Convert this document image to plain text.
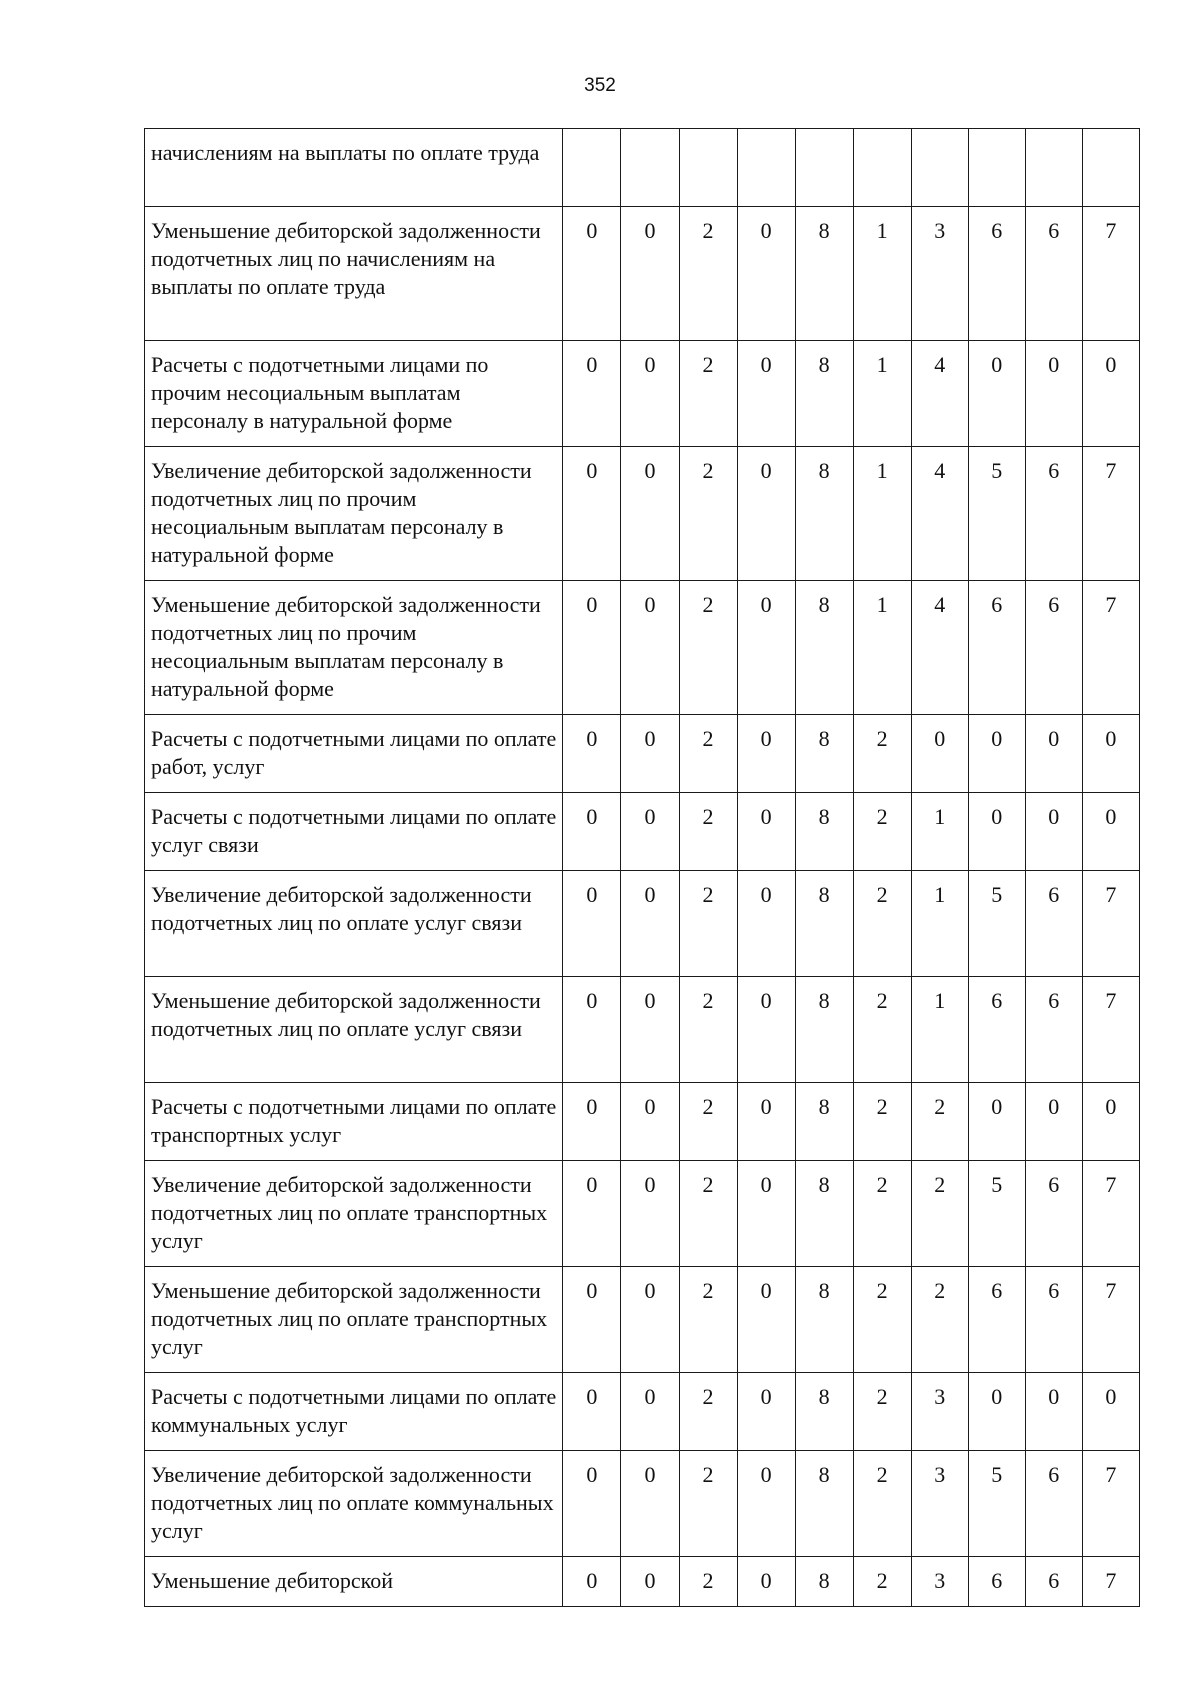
352
начислениям на выплаты по оплате труда										
Уменьшение дебиторской задолженности подотчетных лиц по начислениям на выплаты по оплате труда	0	0	2	0	8	1	3	6	6	7
Расчеты с подотчетными лицами по прочим несоциальным выплатам персоналу в натуральной форме	0	0	2	0	8	1	4	0	0	0
Увеличение дебиторской задолженности подотчетных лиц по прочим несоциальным выплатам персоналу в натуральной форме	0	0	2	0	8	1	4	5	6	7
Уменьшение дебиторской задолженности подотчетных лиц по прочим несоциальным выплатам персоналу в натуральной форме	0	0	2	0	8	1	4	6	6	7
Расчеты с подотчетными лицами по оплате работ, услуг	0	0	2	0	8	2	0	0	0	0
Расчеты с подотчетными лицами по оплате услуг связи	0	0	2	0	8	2	1	0	0	0
Увеличение дебиторской задолженности подотчетных лиц по оплате услуг связи	0	0	2	0	8	2	1	5	6	7
Уменьшение дебиторской задолженности подотчетных лиц по оплате услуг связи	0	0	2	0	8	2	1	6	6	7
Расчеты с подотчетными лицами по оплате транспортных услуг	0	0	2	0	8	2	2	0	0	0
Увеличение дебиторской задолженности подотчетных лиц по оплате транспортных услуг	0	0	2	0	8	2	2	5	6	7
Уменьшение дебиторской задолженности подотчетных лиц по оплате транспортных услуг	0	0	2	0	8	2	2	6	6	7
Расчеты с подотчетными лицами по оплате коммунальных услуг	0	0	2	0	8	2	3	0	0	0
Увеличение дебиторской задолженности подотчетных лиц по оплате коммунальных услуг	0	0	2	0	8	2	3	5	6	7
Уменьшение дебиторской	0	0	2	0	8	2	3	6	6	7
